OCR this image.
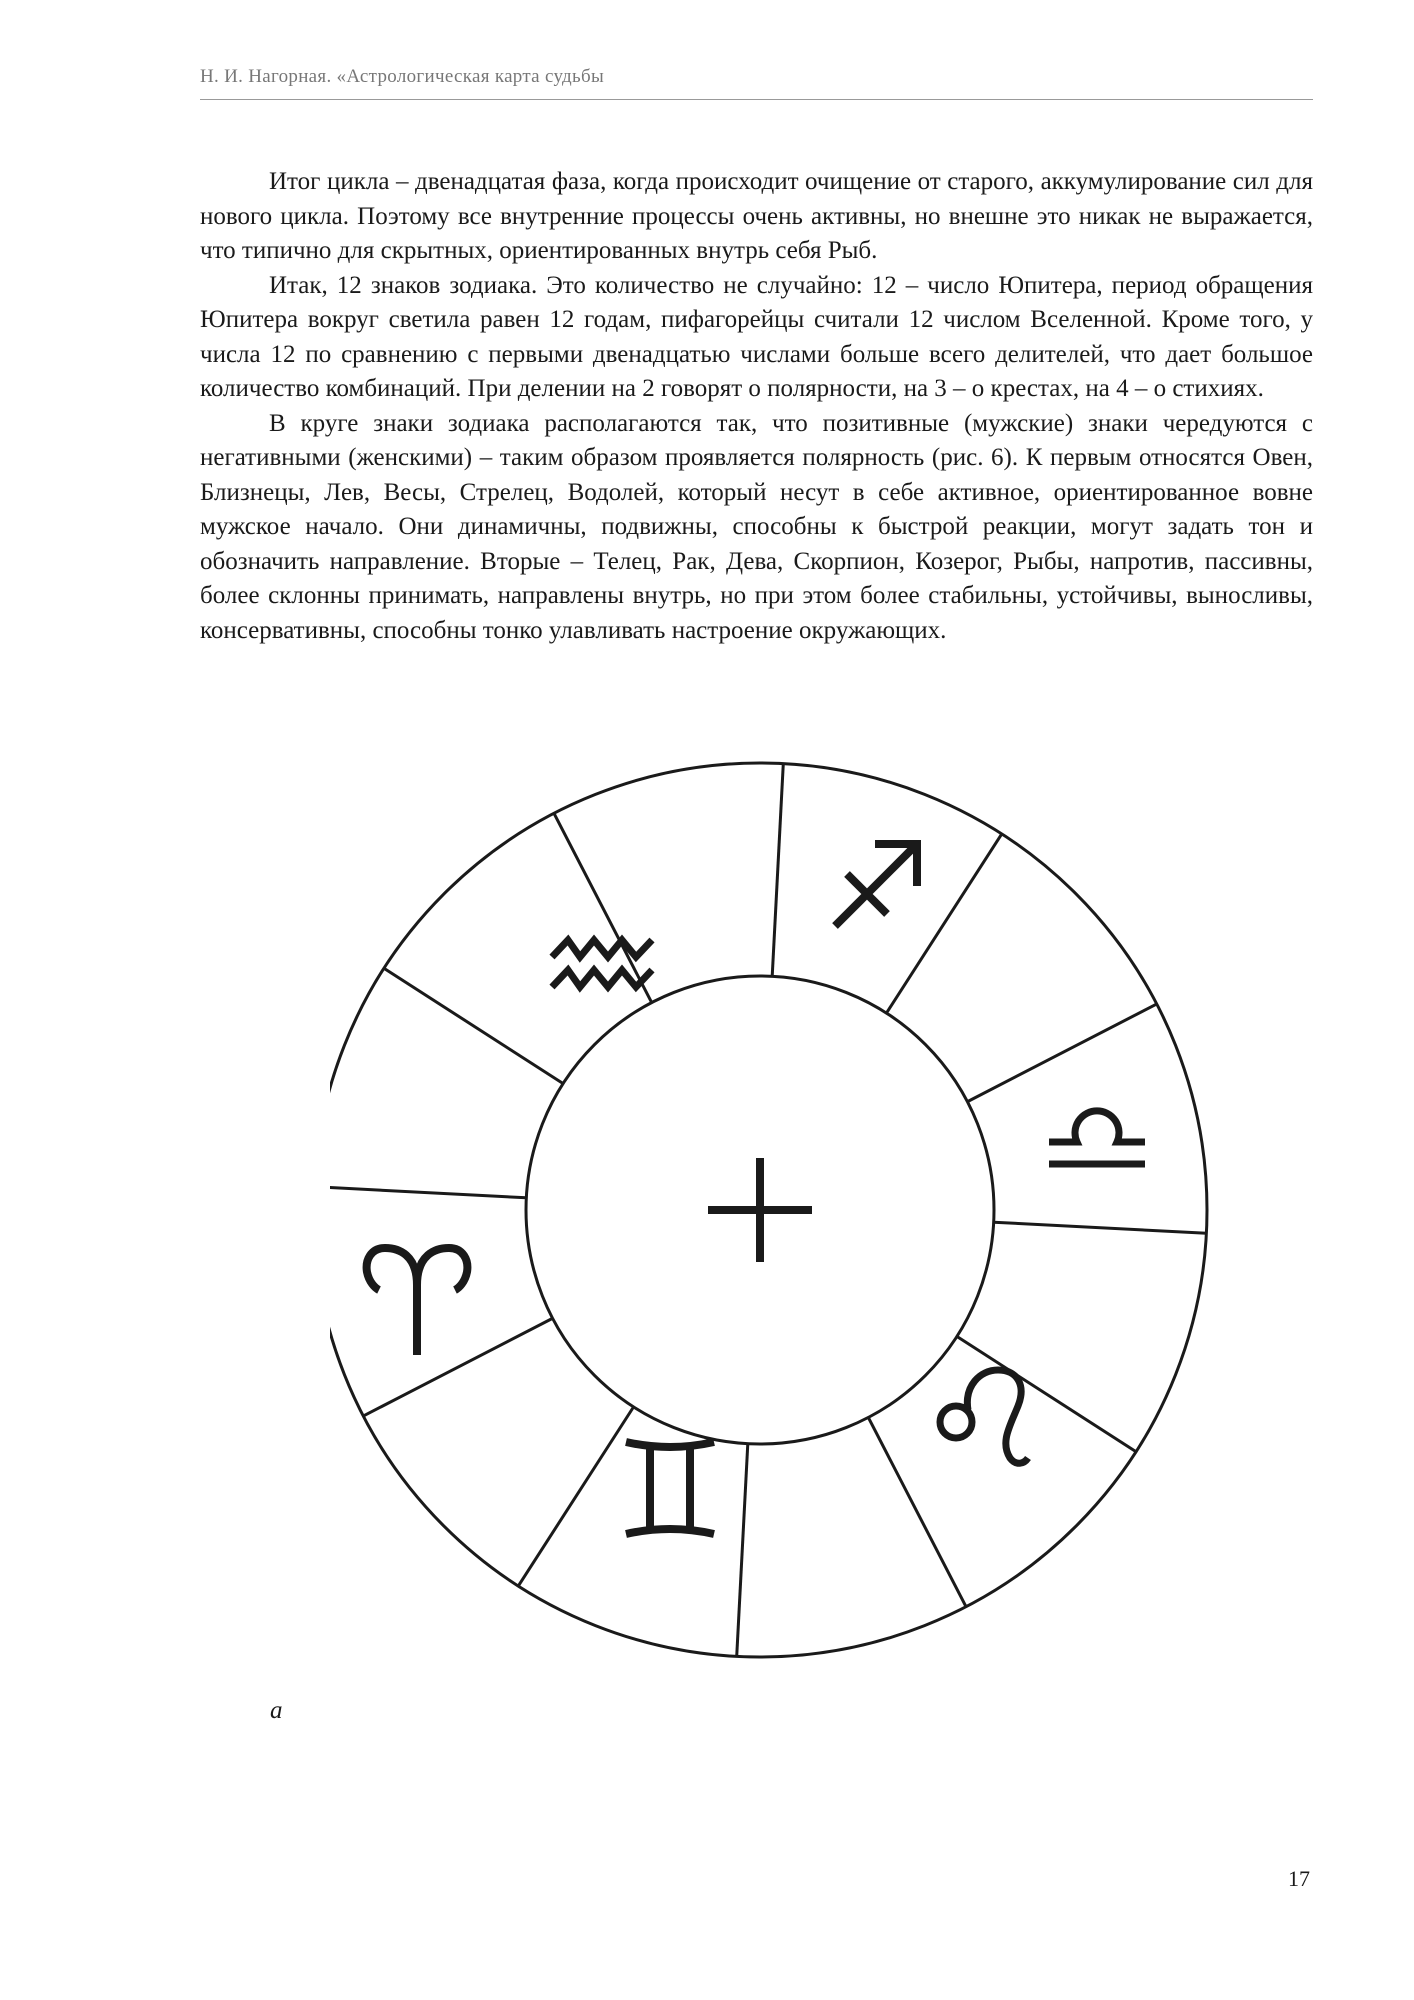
Н. И. Нагорная. «Астрологическая карта судьбы

Итог цикла – двенадцатая фаза, когда происходит очищение от старого, аккумулирование сил для нового цикла. Поэтому все внутренние процессы очень активны, но внешне это никак не выражается, что типично для скрытных, ориентированных внутрь себя Рыб.

Итак, 12 знаков зодиака. Это количество не случайно: 12 – число Юпитера, период обращения Юпитера вокруг светила равен 12 годам, пифагорейцы считали 12 числом Вселенной. Кроме того, у числа 12 по сравнению с первыми двенадцатью числами больше всего делителей, что дает большое количество комбинаций. При делении на 2 говорят о полярности, на 3 – о крестах, на 4 – о стихиях.

В круге знаки зодиака располагаются так, что позитивные (мужские) знаки чередуются с негативными (женскими) – таким образом проявляется полярность (рис. 6). К первым относятся Овен, Близнецы, Лев, Весы, Стрелец, Водолей, который несут в себе активное, ориентированное вовне мужское начало. Они динамичны, подвижны, способны к быстрой реакции, могут задать тон и обозначить направление. Вторые – Телец, Рак, Дева, Скорпион, Козерог, Рыбы, напротив, пассивны, более склонны принимать, направлены внутрь, но при этом более стабильны, устойчивы, выносливы, консервативны, способны тонко улавливать настроение окружающих.

а
17
